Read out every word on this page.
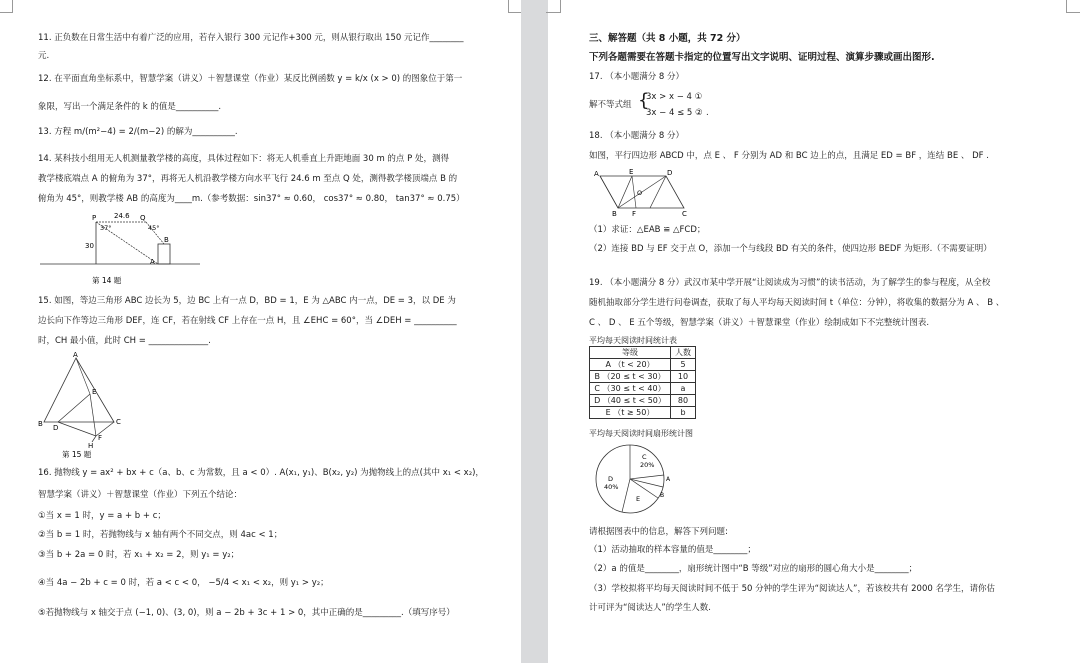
11. 正负数在日常生活中有着广泛的应用，若存入银行 300 元记作+300 元，则从银行取出 150 元记作________
元.
12. 在平面直角坐标系中，智慧学案（讲义）＋智慧课堂（作业）某反比例函数 y = k/x (x > 0) 的图象位于第一
象限，写出一个满足条件的 k 的值是__________.
13. 方程 m/(m²−4) = 2/(m−2) 的解为__________.
14. 某科技小组用无人机测量教学楼的高度，具体过程如下：将无人机垂直上升距地面 30 m 的点 P 处，测得
教学楼底端点 A 的俯角为 37°，再将无人机沿教学楼方向水平飞行 24.6 m 至点 Q 处，测得教学楼顶端点 B 的
俯角为 45°，则教学楼 AB 的高度为____m.（参考数据：sin37° ≈ 0.60， cos37° ≈ 0.80， tan37° ≈ 0.75）
P	Q
24.6
37°	45°
30
B
A
第 14 题
15. 如图，等边三角形 ABC 边长为 5，边 BC 上有一点 D，BD = 1，E 为 △ABC 内一点，DE = 3，以 DE 为
边长向下作等边三角形 DEF，连 CF，若在射线 CF 上存在一点 H，且 ∠EHC = 60°，当 ∠DEH = __________
时，CH 最小值，此时 CH = ______________.
A
B	C
D
E
F
H
第 15 题
16. 抛物线 y = ax² + bx + c（a、b、c 为常数，且 a < 0）. A(x₁, y₁)、B(x₂, y₂) 为抛物线上的点(其中 x₁ < x₂)，
智慧学案（讲义）＋智慧课堂（作业）下列五个结论：
①当 x = 1 时，y = a + b + c；
②当 b = 1 时，若抛物线与 x 轴有两个不同交点，则 4ac < 1；
③当 b + 2a = 0 时，若 x₁ + x₂ = 2，则 y₁ = y₂；
④当 4a − 2b + c = 0 时，若 a < c < 0， −5/4 < x₁ < x₂，则 y₁ > y₂；
⑤若抛物线与 x 轴交于点 (−1, 0)、(3, 0)，则 a − 2b + 3c + 1 > 0，其中正确的是_________.（填写序号）
三、解答题（共 8 小题，共 72 分）
下列各题需要在答题卡指定的位置写出文字说明、证明过程、演算步骤或画出图形.
17. （本小题满分 8 分）
解不等式组 {
3x > x − 4 ①
3x − 4 ≤ 5 ② .
18. （本小题满分 8 分）
如图，平行四边形 ABCD 中，点 E 、 F 分别为 AD 和 BC 边上的点，且满足 ED = BF ，连结 BE 、 DF .
A	E	D
B F	C
O
（1）求证：△EAB ≌ △FCD；
（2）连接 BD 与 EF 交于点 O，添加一个与线段 BD 有关的条件，使四边形 BEDF 为矩形.（不需要证明）
19. （本小题满分 8 分）武汉市某中学开展“让阅读成为习惯”的读书活动，为了解学生的参与程度，从全校
随机抽取部分学生进行问卷调查，获取了每人平均每天阅读时间 t（单位：分钟），将收集的数据分为 A 、 B 、
C 、 D 、 E 五个等级，智慧学案（讲义）＋智慧课堂（作业）绘制成如下不完整统计图表.
平均每天阅读时间统计表
等级	人数
A （t < 20）	5
B （20 ≤ t < 30）	10
C （30 ≤ t < 40）	a
D （40 ≤ t < 50）	80
E （t ≥ 50）	b
平均每天阅读时间扇形统计图
C
20%
D
40%
E
A
B
请根据图表中的信息，解答下列问题:
（1）活动抽取的样本容量的值是________；
（2）a 的值是________，扇形统计图中“B 等级”对应的扇形的圆心角大小是________；
（3）学校拟将平均每天阅读时间不低于 50 分钟的学生评为“阅读达人”，若该校共有 2000 名学生，请你估
计可评为“阅读达人”的学生人数.
